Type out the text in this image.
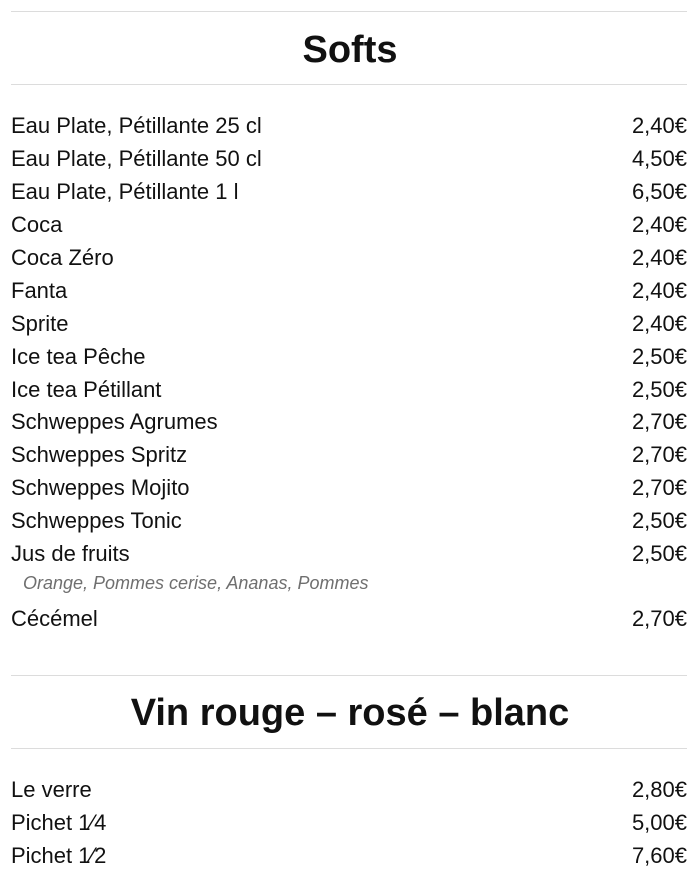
Softs
Eau Plate, Pétillante 25 cl	2,40€
Eau Plate, Pétillante 50 cl	4,50€
Eau Plate, Pétillante 1 l	6,50€
Coca	2,40€
Coca Zéro	2,40€
Fanta	2,40€
Sprite	2,40€
Ice tea Pêche	2,50€
Ice tea Pétillant	2,50€
Schweppes Agrumes	2,70€
Schweppes Spritz	2,70€
Schweppes Mojito	2,70€
Schweppes Tonic	2,50€
Jus de fruits	2,50€
Orange, Pommes cerise, Ananas, Pommes
Cécémel	2,70€
Vin rouge – rosé – blanc
Le verre	2,80€
Pichet 1⁄4	5,00€
Pichet 1⁄2	7,60€
